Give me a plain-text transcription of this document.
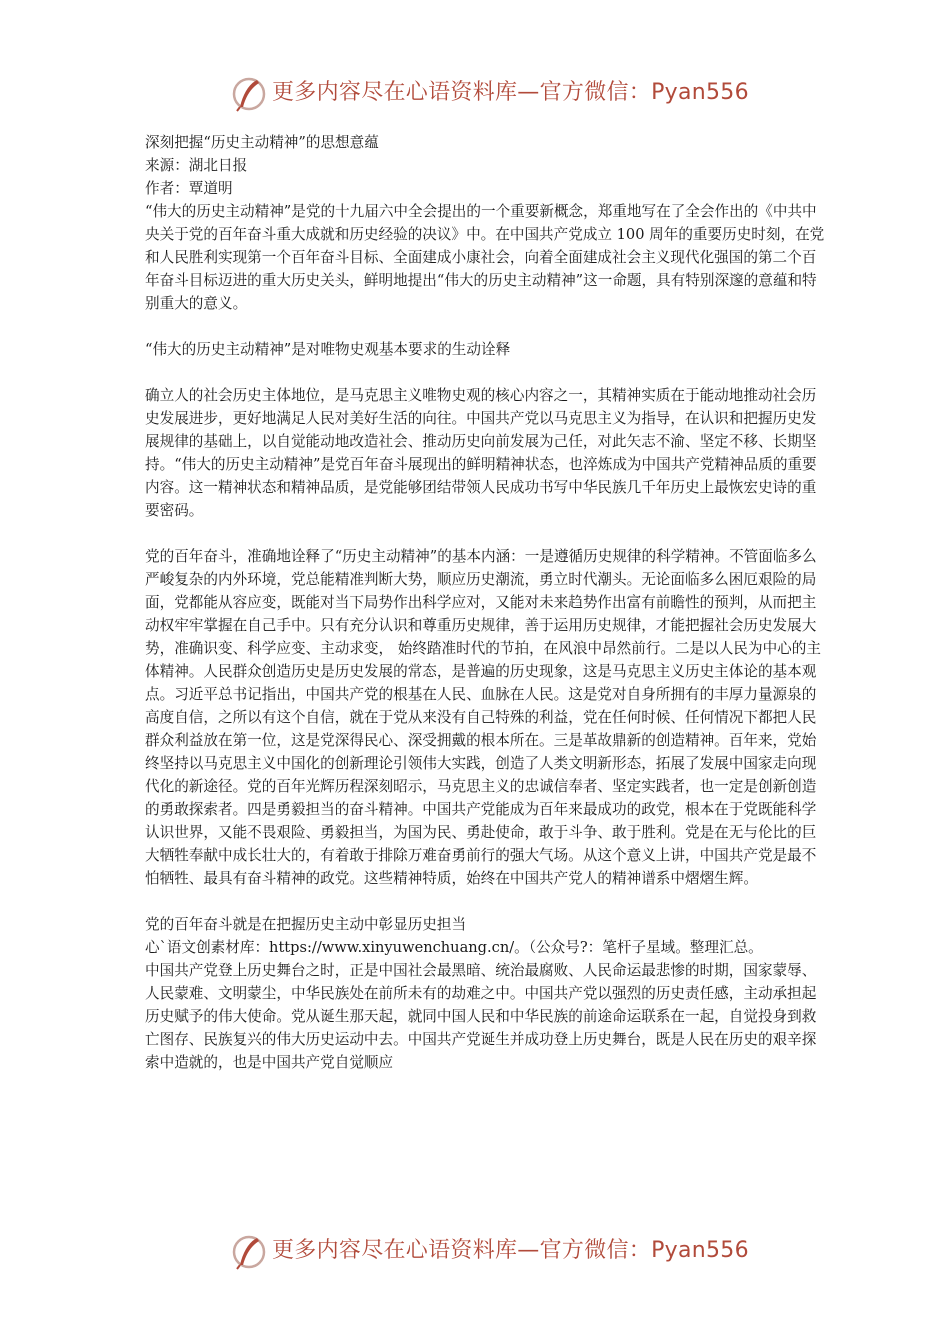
更多内容尽在心语资料库—官方微信：Pyan556

深刻把握“历史主动精神”的思想意蕴

来源：湖北日报

作者：覃道明

“伟大的历史主动精神”是党的十九届六中全会提出的一个重要新概念，郑重地写在了全会作出的《中共中央关于党的百年奋斗重大成就和历史经验的决议》中。在中国共产党成立 100 周年的重要历史时刻，在党和人民胜利实现第一个百年奋斗目标、全面建成小康社会，向着全面建成社会主义现代化强国的第二个百年奋斗目标迈进的重大历史关头，鲜明地提出“伟大的历史主动精神”这一命题，具有特别深邃的意蕴和特别重大的意义。

“伟大的历史主动精神”是对唯物史观基本要求的生动诠释

确立人的社会历史主体地位，是马克思主义唯物史观的核心内容之一，其精神实质在于能动地推动社会历史发展进步，更好地满足人民对美好生活的向往。中国共产党以马克思主义为指导，在认识和把握历史发展规律的基础上，以自觉能动地改造社会、推动历史向前发展为己任，对此矢志不渝、坚定不移、长期坚持。“伟大的历史主动精神”是党百年奋斗展现出的鲜明精神状态，也淬炼成为中国共产党精神品质的重要内容。这一精神状态和精神品质，是党能够团结带领人民成功书写中华民族几千年历史上最恢宏史诗的重要密码。

党的百年奋斗，准确地诠释了“历史主动精神”的基本内涵：一是遵循历史规律的科学精神。不管面临多么严峻复杂的内外环境，党总能精准判断大势，顺应历史潮流，勇立时代潮头。无论面临多么困厄艰险的局面，党都能从容应变，既能对当下局势作出科学应对，又能对未来趋势作出富有前瞻性的预判，从而把主动权牢牢掌握在自己手中。只有充分认识和尊重历史规律，善于运用历史规律，才能把握社会历史发展大势，准确识变、科学应变、主动求变， 始终踏准时代的节拍，在风浪中昂然前行。二是以人民为中心的主体精神。人民群众创造历史是历史发展的常态，是普遍的历史现象，这是马克思主义历史主体论的基本观点。习近平总书记指出，中国共产党的根基在人民、血脉在人民。这是党对自身所拥有的丰厚力量源泉的高度自信，之所以有这个自信，就在于党从来没有自己特殊的利益，党在任何时候、任何情况下都把人民群众利益放在第一位，这是党深得民心、深受拥戴的根本所在。三是革故鼎新的创造精神。百年来，党始终坚持以马克思主义中国化的创新理论引领伟大实践，创造了人类文明新形态，拓展了发展中国家走向现代化的新途径。党的百年光辉历程深刻昭示，马克思主义的忠诚信奉者、坚定实践者，也一定是创新创造的勇敢探索者。四是勇毅担当的奋斗精神。中国共产党能成为百年来最成功的政党，根本在于党既能科学认识世界，又能不畏艰险、勇毅担当，为国为民、勇赴使命，敢于斗争、敢于胜利。党是在无与伦比的巨大牺牲奉献中成长壮大的，有着敢于排除万难奋勇前行的强大气场。从这个意义上讲，中国共产党是最不怕牺牲、最具有奋斗精神的政党。这些精神特质，始终在中国共产党人的精神谱系中熠熠生辉。

党的百年奋斗就是在把握历史主动中彰显历史担当

心`语文创素材库：https://www.xinyuwenchuang.cn/。（公众号?：笔杆子星域。整理汇总。

中国共产党登上历史舞台之时，正是中国社会最黑暗、统治最腐败、人民命运最悲惨的时期，国家蒙辱、人民蒙难、文明蒙尘，中华民族处在前所未有的劫难之中。中国共产党以强烈的历史责任感，主动承担起历史赋予的伟大使命。党从诞生那天起，就同中国人民和中华民族的前途命运联系在一起，自觉投身到救亡图存、民族复兴的伟大历史运动中去。中国共产党诞生并成功登上历史舞台，既是人民在历史的艰辛探索中造就的，也是中国共产党自觉顺应

更多内容尽在心语资料库—官方微信：Pyan556
